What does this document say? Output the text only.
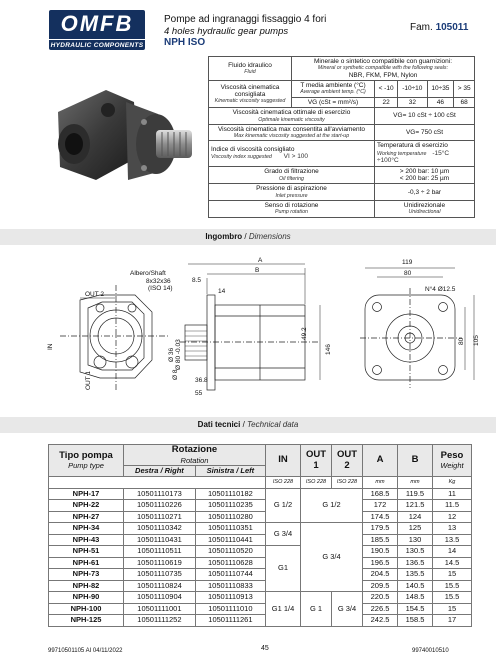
OMFB
HYDRAULIC COMPONENTS
Pompe ad ingranaggi fissaggio 4 fori
4 holes hydraulic gear pumps
NPH ISO
Fam. 105011
Fluido idraulico
Fluid	Minerale o sintetico compatibile con guarnizioni:
Mineral or synthetic compatible with the following seals:
NBR, FKM, FPM, Nylon				
Viscosità cinematica consigliata
Kinematic viscosity suggested	T media ambiente (°C)
Average ambient temp. (°C)	< -10	-10÷10	10÷35	> 35
	VG (cSt = mm²/s)	22	32	46	68
Viscosità cinematica ottimale di esercizio
Optimale kinematic viscosity		VG= 10 cSt ÷ 100 cSt			
Viscosità cinematica max consentita all'avviamento
Max kinematic viscosity suggested at the start-up		VG= 750 cSt			
Indice di viscosità consigliato
Viscosity index suggested VI > 100		Temperatura di esercizio
Working temperature -15°C ÷100°C			

Grado di filtrazione
Oil filtering		> 200 bar: 10 µm
< 200 bar: 25 µm			
Pressione di aspirazione
Inlet pressure		-0,3 ÷ 2 bar			
Senso di rotazione
Pump rotation		Unidirezionale
Unidirectional			
Ingombro / Dimensions
OUT 2
IN
OUT 1
Albero/Shaft
8x32x36
(ISO 14)
A
B
8.5
14
Ø 80 -0.03
Ø 36
Ø 8
36.8
55
49.2
146
119
80
N°4 Ø12.5
80 105
Dati tecnici / Technical data
Tipo pompa
Pump type	Rotazione
Rotation		IN	OUT 1	OUT 2	A	B	Peso
Weight

	Destra / Right	Sinistra / Left						
			ISO 228	ISO 228	ISO 228	mm	mm	Kg
NPH-17	10501110173	10501110182	G 1/2	G 1/2		168.5	119.5	11
NPH-22	10501110226	10501110235				172	121.5	11.5
NPH-27	10501110271	10501110280				174.5	124	12
NPH-34	10501110342	10501110351	G 3/4	G 3/4		179.5	125	13
NPH-43	10501110431	10501110441				185.5	130	13.5
NPH-51	10501110511	10501110520	G1			190.5	130.5	14
NPH-61	10501110619	10501110628				196.5	136.5	14.5
NPH-73	10501110735	10501110744				204.5	135.5	15
NPH-82	10501110824	10501110833				209.5	140.5	15.5
NPH-90	10501110904	10501110913	G1 1/4	G 1	G 3/4	220.5	148.5	15.5
NPH-100	10501111001	10501111010				226.5	154.5	15
NPH-125	10501111252	10501111261				242.5	158.5	17
99710501105 AI 04/11/2022	45	99740010510
